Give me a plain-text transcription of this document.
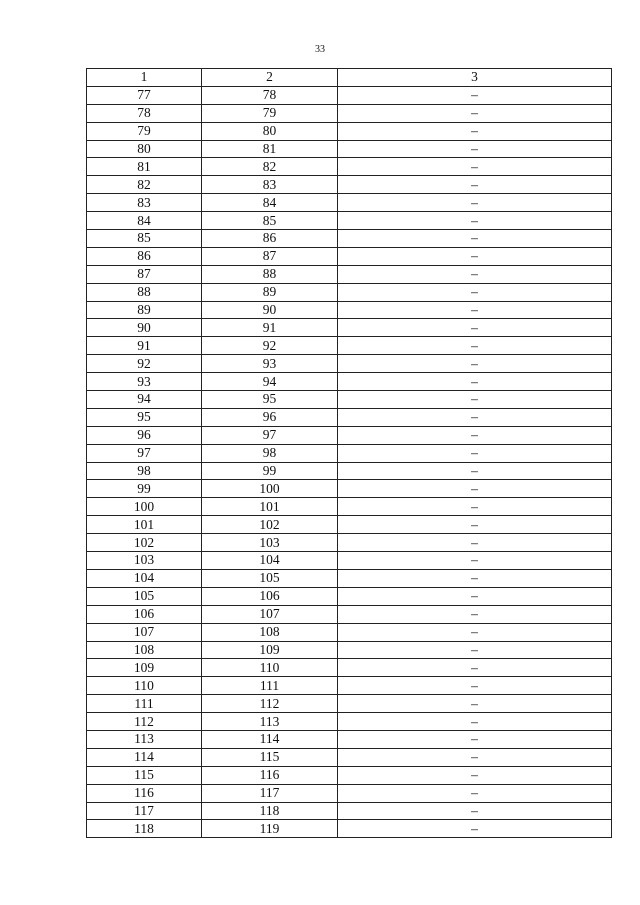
33
1	2	3
77	78	–
78	79	–
79	80	–
80	81	–
81	82	–
82	83	–
83	84	–
84	85	–
85	86	–
86	87	–
87	88	–
88	89	–
89	90	–
90	91	–
91	92	–
92	93	–
93	94	–
94	95	–
95	96	–
96	97	–
97	98	–
98	99	–
99	100	–
100	101	–
101	102	–
102	103	–
103	104	–
104	105	–
105	106	–
106	107	–
107	108	–
108	109	–
109	110	–
110	111	–
111	112	–
112	113	–
113	114	–
114	115	–
115	116	–
116	117	–
117	118	–
118	119	–
